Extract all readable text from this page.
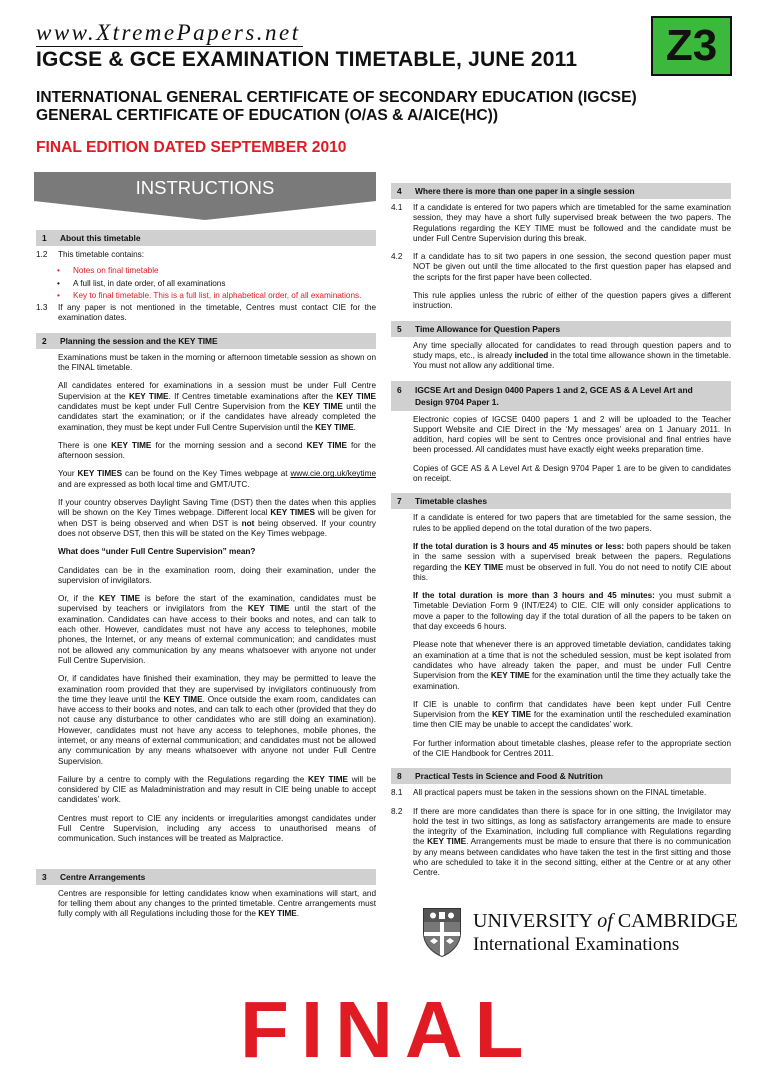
www.XtremePapers.net	Z3
IGCSE & GCE EXAMINATION TIMETABLE, JUNE 2011
INTERNATIONAL GENERAL CERTIFICATE OF SECONDARY EDUCATION (IGCSE)
GENERAL CERTIFICATE OF EDUCATION (O/AS & A/AICE(HC))
FINAL EDITION DATED SEPTEMBER 2010
INSTRUCTIONS
1 About this timetable
1.2 This timetable contains:
• Notes on final timetable
• A full list, in date order, of all examinations

• Key to final timetable. This is a full list, in alphabetical order, of all examinations.

1.3 If any paper is not mentioned in the timetable, Centres must contact CIE for the examination dates.

2 Planning the session and the KEY TIME

Examinations must be taken in the morning or afternoon timetable session as shown on the FINAL timetable.

All candidates entered for examinations in a session must be under Full Centre Supervision at the KEY TIME. If Centres timetable examinations after the KEY TIME candidates must be kept under Full Centre Supervision from the KEY TIME until the candidates start the examination; or if the candidates have already completed the examination, they must be kept under Full Centre Supervision until the KEY TIME.

There is one KEY TIME for the morning session and a second KEY TIME for the afternoon session.

Your KEY TIMES can be found on the Key Times webpage at www.cie.org.uk/keytime and are expressed as both local time and GMT/UTC.

If your country observes Daylight Saving Time (DST) then the dates when this applies will be shown on the Key Times webpage. Different local KEY TIMES will be given for when DST is being observed and when DST is not being observed. If your country does not observe DST, then this will be stated on the Key Times webpage.

What does “under Full Centre Supervision” mean?

Candidates can be in the examination room, doing their examination, under the supervision of invigilators.

Or, if the KEY TIME is before the start of the examination, candidates must be supervised by teachers or invigilators from the KEY TIME until the start of the examination. Candidates can have access to their books and notes, and can talk to each other. However, candidates must not have any access to telephones, mobile phones, the Internet, or any means of external communication; and candidates must not be allowed any communication by any means whatsoever with anyone not under Full Centre Supervision.

Or, if candidates have finished their examination, they may be permitted to leave the examination room provided that they are supervised by invigilators continuously from the time they leave until the KEY TIME. Once outside the exam room, candidates can have access to their books and notes, and can talk to each other (provided that they do not cause any disturbance to other candidates who are still doing an examination). However, candidates must not have any access to telephones, mobile phones, the internet, or any means of external communication; and candidates must not be allowed any communication by any means whatsoever with anyone not under Full Centre Supervision.

Failure by a centre to comply with the Regulations regarding the KEY TIME will be considered by CIE as Maladministration and may result in CIE being unable to accept candidates’ work.

Centres must report to CIE any incidents or irregularities amongst candidates under Full Centre Supervision, including any access to unauthorised means of communication. Such instances will be treated as Malpractice.

3 Centre Arrangements

Centres are responsible for letting candidates know when examinations will start, and for telling them about any changes to the printed timetable. Centre arrangements must fully comply with all Regulations including those for the KEY TIME.

4 Where there is more than one paper in a single session
4.1 If a candidate is entered for two papers which are timetabled for the same examination session, they may have a short fully supervised break between the two papers. The Regulations regarding the KEY TIME must be followed and the candidate must be under Full Centre Supervision during this break.

4.2 If a candidate has to sit two papers in one session, the second question paper must NOT be given out until the time allocated to the first question paper has elapsed and the scripts for the first paper have been collected.

This rule applies unless the rubric of either of the question papers gives a different instruction.

5 Time Allowance for Question Papers

Any time specially allocated for candidates to read through question papers and to study maps, etc., is already included in the total time allowance shown in the timetable. You must not allow any additional time.

6 IGCSE Art and Design 0400 Papers 1 and 2, GCE AS & A Level Art and
Design 9704 Paper 1.

Electronic copies of IGCSE 0400 papers 1 and 2 will be uploaded to the Teacher Support Website and CIE Direct in the ‘My messages’ area on 1 January 2011. In addition, hard copies will be sent to Centres once provisional and final entries have been processed. All candidates must have exactly eight weeks preparation time.

Copies of GCE AS & A Level Art & Design 9704 Paper 1 are to be given to candidates on receipt.

7 Timetable clashes

If a candidate is entered for two papers that are timetabled for the same session, the rules to be applied depend on the total duration of the two papers.

If the total duration is 3 hours and 45 minutes or less: both papers should be taken in the same session with a supervised break between the papers. Regulations regarding the KEY TIME must be observed in full. You do not need to notify CIE about this.

If the total duration is more than 3 hours and 45 minutes: you must submit a Timetable Deviation Form 9 (INT/E24) to CIE. CIE will only consider applications to move a paper to the following day if the total duration of all the papers to be taken on that day exceeds 6 hours.

Please note that whenever there is an approved timetable deviation, candidates taking an examination at a time that is not the scheduled session, must be kept isolated from candidates who have already taken the paper, and must be under Full Centre Supervision from the KEY TIME for the examination until the time they actually take the examination.

If CIE is unable to confirm that candidates have been kept under Full Centre Supervision from the KEY TIME for the examination until the rescheduled examination time then CIE may be unable to accept the candidates’ work.

For further information about timetable clashes, please refer to the appropriate section of the CIE Handbook for Centres 2011.

8 Practical Tests in Science and Food & Nutrition
8.1 All practical papers must be taken in the sessions shown on the FINAL timetable.

8.2 If there are more candidates than there is space for in one sitting, the Invigilator may hold the test in two sittings, as long as satisfactory arrangements are made to ensure the integrity of the Examination, including full compliance with Regulations regarding the KEY TIME. Arrangements must be made to ensure that there is no communication by any means between candidates who have taken the test in the first sitting and those who are scheduled to take it in the second sitting, either at the Centre or at any other Centre.

UNIVERSITY of CAMBRIDGE
International Examinations
FINAL
